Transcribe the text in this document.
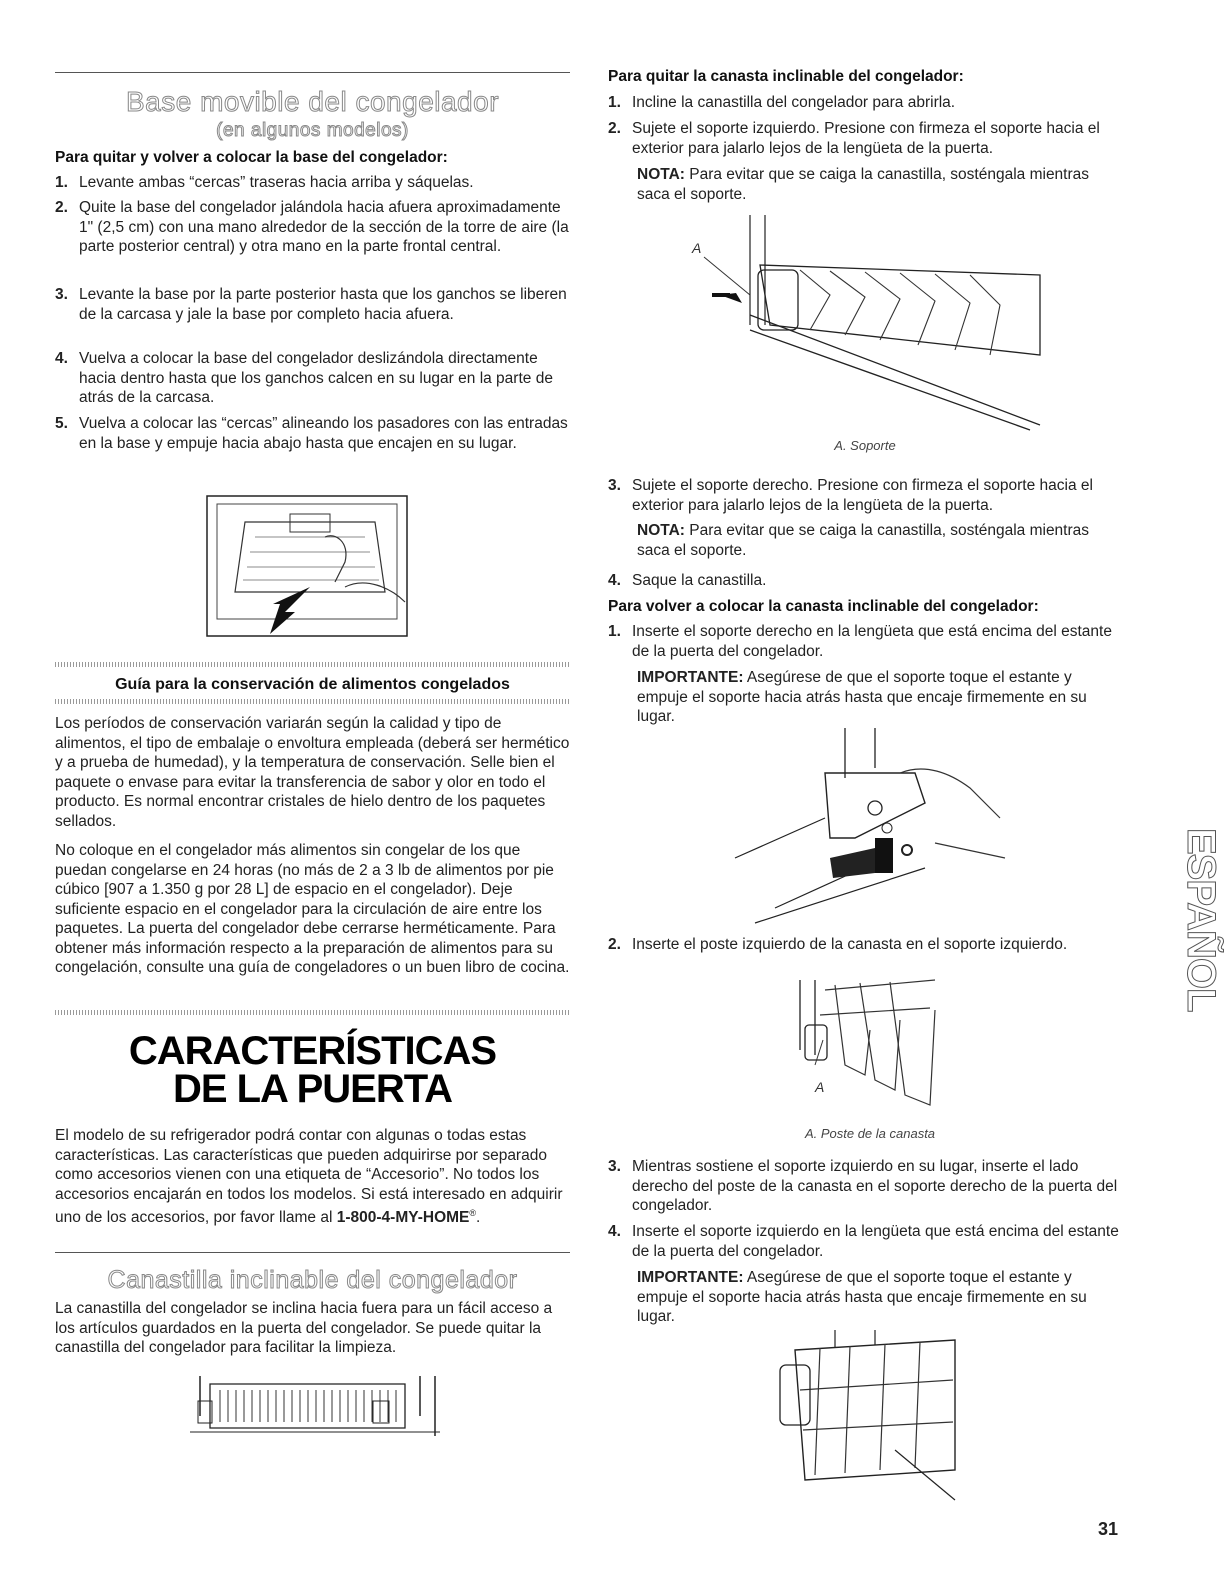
Base movible del congelador
(en algunos modelos)
Para quitar y volver a colocar la base del congelador:
1. Levante ambas “cercas” traseras hacia arriba y sáquelas.
2. Quite la base del congelador jalándola hacia afuera aproximadamente 1" (2,5 cm) con una mano alrededor de la sección de la torre de aire (la parte posterior central) y otra mano en la parte frontal central.
3. Levante la base por la parte posterior hasta que los ganchos se liberen de la carcasa y jale la base por completo hacia afuera.
4. Vuelva a colocar la base del congelador deslizándola directamente hacia dentro hasta que los ganchos calcen en su lugar en la parte de atrás de la carcasa.
5. Vuelva a colocar las “cercas” alineando los pasadores con las entradas en la base y empuje hacia abajo hasta que encajen en su lugar.
Guía para la conservación de alimentos congelados
Los períodos de conservación variarán según la calidad y tipo de alimentos, el tipo de embalaje o envoltura empleada (deberá ser hermético y a prueba de humedad), y la temperatura de conservación. Selle bien el paquete o envase para evitar la transferencia de sabor y olor en todo el producto. Es normal encontrar cristales de hielo dentro de los paquetes sellados.
No coloque en el congelador más alimentos sin congelar de los que puedan congelarse en 24 horas (no más de 2 a 3 lb de alimentos por pie cúbico [907 a 1.350 g por 28 L] de espacio en el congelador). Deje suficiente espacio en el congelador para la circulación de aire entre los paquetes. La puerta del congelador debe cerrarse herméticamente. Para obtener más información respecto a la preparación de alimentos para su congelación, consulte una guía de congeladores o un buen libro de cocina.
CARACTERÍSTICAS
DE LA PUERTA
El modelo de su refrigerador podrá contar con algunas o todas estas características. Las características que pueden adquirirse por separado como accesorios vienen con una etiqueta de “Accesorio”. No todos los accesorios encajarán en todos los modelos. Si está interesado en adquirir uno de los accesorios, por favor llame al 1-800-4-MY-HOME®.
Canastilla inclinable del congelador
La canastilla del congelador se inclina hacia fuera para un fácil acceso a los artículos guardados en la puerta del congelador. Se puede quitar la canastilla del congelador para facilitar la limpieza.
Para quitar la canasta inclinable del congelador:
1. Incline la canastilla del congelador para abrirla.
2. Sujete el soporte izquierdo. Presione con firmeza el soporte hacia el exterior para jalarlo lejos de la lengüeta de la puerta.
NOTA: Para evitar que se caiga la canastilla, sosténgala mientras saca el soporte.
A
A. Soporte
3. Sujete el soporte derecho. Presione con firmeza el soporte hacia el exterior para jalarlo lejos de la lengüeta de la puerta.
NOTA: Para evitar que se caiga la canastilla, sosténgala mientras saca el soporte.
4. Saque la canastilla.
Para volver a colocar la canasta inclinable del congelador:
1. Inserte el soporte derecho en la lengüeta que está encima del estante de la puerta del congelador.
IMPORTANTE: Asegúrese de que el soporte toque el estante y empuje el soporte hacia atrás hasta que encaje firmemente en su lugar.
2. Inserte el poste izquierdo de la canasta en el soporte izquierdo.
A
A. Poste de la canasta
3. Mientras sostiene el soporte izquierdo en su lugar, inserte el lado derecho del poste de la canasta en el soporte derecho de la puerta del congelador.
4. Inserte el soporte izquierdo en la lengüeta que está encima del estante de la puerta del congelador.
IMPORTANTE: Asegúrese de que el soporte toque el estante y empuje el soporte hacia atrás hasta que encaje firmemente en su lugar.
ESPAÑOL
31
